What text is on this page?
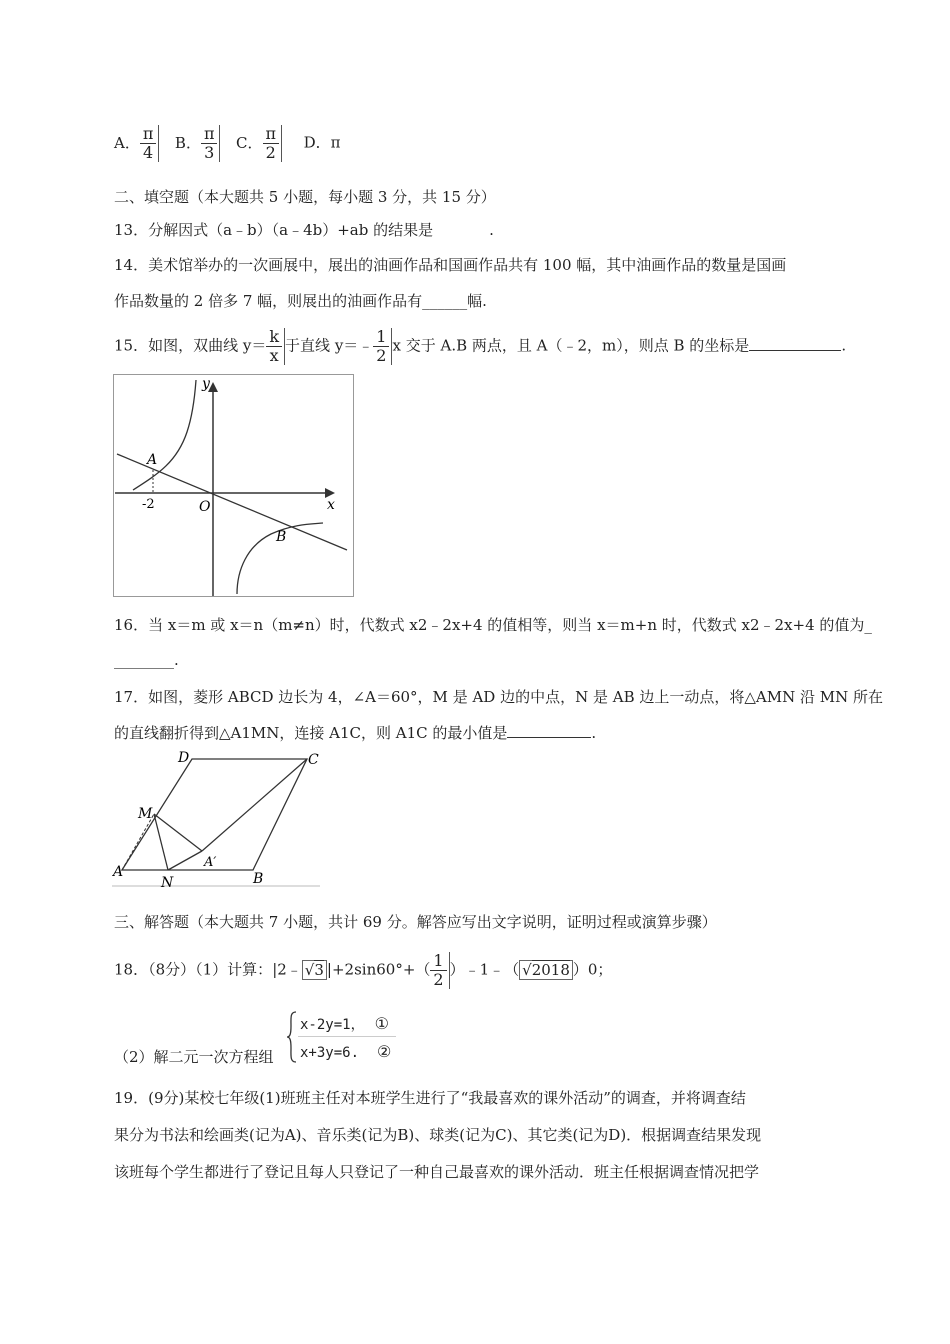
A． $\frac{\pi}{4}$ B． $\frac{\pi}{3}$ C． $\frac{\pi}{2}$ D．π
二、填空题（本大题共 5 小题，每小题 3 分，共 15 分）
13．分解因式（a﹣b）（a﹣4b）+ab 的结果是	.
14．美术馆举办的一次画展中，展出的油画作品和国画作品共有 100 幅，其中油画作品的数量是国画
作品数量的 2 倍多 7 幅，则展出的油画作品有______幅.
15．如图，双曲线 $y= \frac{k}{x}$ 于直线 y＝﹣ $\frac{1}{2}$ x 交于 A.B 两点，且 A（﹣2，m），则点 B 的坐标是	.
y
x
A
B
O
-2
16．当 x＝m 或 x＝n（m≠n）时，代数式 x2﹣2x+4 的值相等，则当 x＝m+n 时，代数式 x2﹣2x+4 的值为_
________.
17．如图，菱形 ABCD 边长为 4，∠A＝60°，M 是 AD 边的中点，N 是 AB 边上一动点，将△AMN 沿 MN 所在
的直线翻折得到△A1MN，连接 A1C，则 A1C 的最小值是	.
D	C
M
A′
A
N	B
三、解答题（本大题共 7 小题，共计 69 分。解答应写出文字说明，证明过程或演算步骤）
18．（8分）（1）计算：|2﹣ √3 $|+2\sin 60^\circ+( \frac{1}{2}$ ）﹣1﹣（ √2018 ）0；
（2）解二元一次方程组
x-2y=1， ①
x+3y=6. ②
19．(9分)某校七年级(1)班班主任对本班学生进行了“我最喜欢的课外活动”的调查，并将调查结
果分为书法和绘画类(记为A)、音乐类(记为B)、球类(记为C)、其它类(记为D)．根据调查结果发现
该班每个学生都进行了登记且每人只登记了一种自己最喜欢的课外活动．班主任根据调查情况把学
